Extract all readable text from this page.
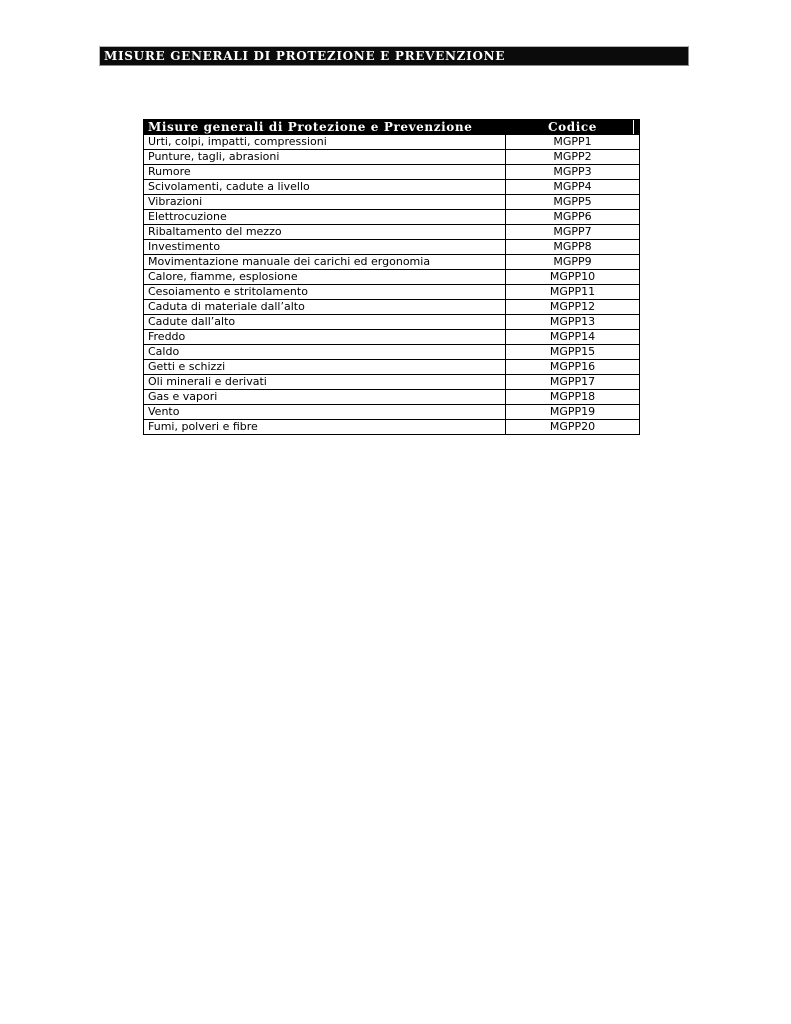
MISURE GENERALI DI PROTEZIONE E PREVENZIONE
Misure generali di Protezione e Prevenzione	Codice
Urti, colpi, impatti, compressioni	MGPP1
Punture, tagli, abrasioni	MGPP2
Rumore	MGPP3
Scivolamenti, cadute a livello	MGPP4
Vibrazioni	MGPP5
Elettrocuzione	MGPP6
Ribaltamento del mezzo	MGPP7
Investimento	MGPP8
Movimentazione manuale dei carichi ed ergonomia	MGPP9
Calore, fiamme, esplosione	MGPP10
Cesoiamento e stritolamento	MGPP11
Caduta di materiale dall’alto	MGPP12
Cadute dall’alto	MGPP13
Freddo	MGPP14
Caldo	MGPP15
Getti e schizzi	MGPP16
Oli minerali e derivati	MGPP17
Gas e vapori	MGPP18
Vento	MGPP19
Fumi, polveri e fibre	MGPP20
